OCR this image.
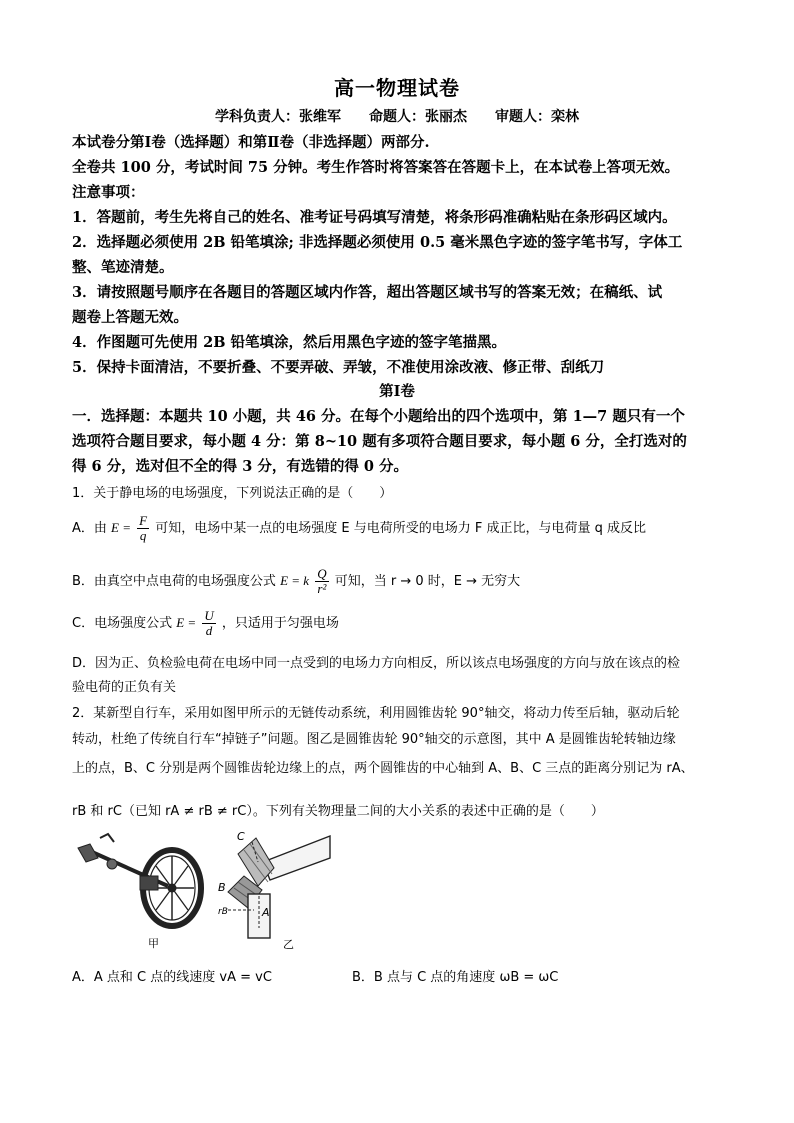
高一物理试卷
学科负责人：张维军　　命题人：张丽杰　　审题人：栾林
本试卷分第Ⅰ卷（选择题）和第Ⅱ卷（非选择题）两部分.
全卷共 100 分，考试时间 75 分钟。考生作答时将答案答在答题卡上，在本试卷上答项无效。
注意事项：
1．答题前，考生先将自己的姓名、准考证号码填写清楚，将条形码准确粘贴在条形码区域内。
2．选择题必须使用 2B 铅笔填涂; 非选择题必须使用 0.5 毫米黑色字迹的签字笔书写，字体工
整、笔迹清楚。
3．请按照题号顺序在各题目的答题区域内作答，超出答题区域书写的答案无效；在稿纸、试
题卷上答题无效。
4．作图题可先使用 2B 铅笔填涂，然后用黑色字迹的签字笔描黑。
5．保持卡面清洁，不要折叠、不要弄破、弄皱，不准使用涂改液、修正带、刮纸刀
第Ⅰ卷
一．选择题：本题共 10 小题，共 46 分。在每个小题给出的四个选项中，第 1—7 题只有一个
选项符合题目要求，每小题 4 分：第 8~10 题有多项符合题目要求，每小题 6 分，全打选对的
得 6 分，选对但不全的得 3 分，有选错的得 0 分。
1．关于静电场的电场强度，下列说法正确的是（　　）
A．由 $E = \frac{F}{q}$ 可知，电场中某一点的电场强度 E 与电荷所受的电场力 F 成正比，与电荷量 q 成反比
B．由真空中点电荷的电场强度公式 E = k $\frac{Q}{\text{r²}}$ 可知，当 r → 0 时，E → 无穷大
C．电场强度公式 $E = \frac{U}{d}$ ，只适用于匀强电场
D．因为正、负检验电荷在电场中同一点受到的电场力方向相反，所以该点电场强度的方向与放在该点的检
验电荷的正负有关
2．某新型自行车，采用如图甲所示的无链传动系统，利用圆锥齿轮 90°轴交，将动力传至后轴，驱动后轮
转动，杜绝了传统自行车“掉链子”问题。图乙是圆锥齿轮 90°轴交的示意图，其中 A 是圆锥齿轮转轴边缘
上的点，B、C 分别是两个圆锥齿轮边缘上的点，两个圆锥齿的中心轴到 A、B、C 三点的距离分别记为 rA、
rB 和 rC（已知 rA ≠ rB ≠ rC）。下列有关物理量二间的大小关系的表述中正确的是（　　）
甲
C
B
A
rB
乙
A．A 点和 C 点的线速度 vA = vC	B．B 点与 C 点的角速度 ωB = ωC
